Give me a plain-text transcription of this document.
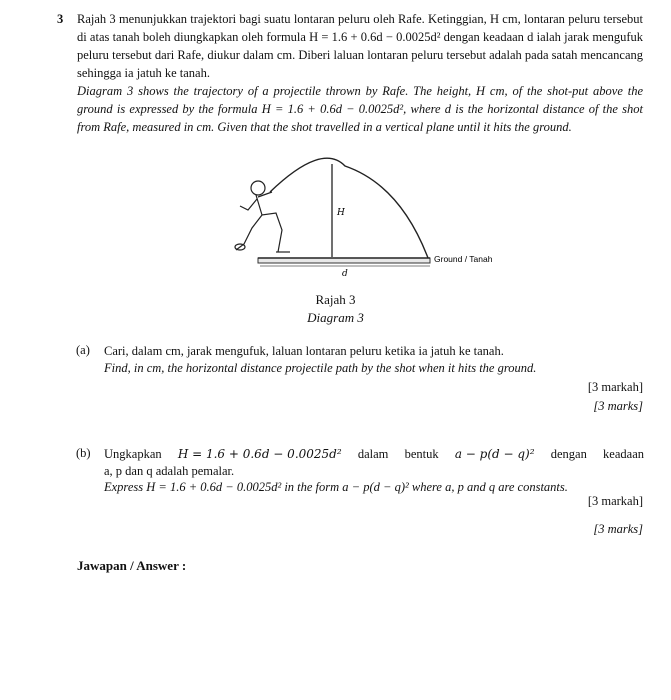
3 Rajah 3 menunjukkan trajektori bagi suatu lontaran peluru oleh Rafe. Ketinggian, H cm, lontaran peluru tersebut di atas tanah boleh diungkapkan oleh formula H = 1.6 + 0.6d − 0.0025d² dengan keadaan d ialah jarak mengufuk peluru tersebut dari Rafe, diukur dalam cm. Diberi laluan lontaran peluru tersebut adalah pada satah mencancang sehingga ia jatuh ke tanah.
Diagram 3 shows the trajectory of a projectile thrown by Rafe. The height, H cm, of the shot-put above the ground is expressed by the formula H = 1.6 + 0.6d − 0.0025d², where d is the horizontal distance of the shot from Rafe, measured in cm. Given that the shot travelled in a vertical plane until it hits the ground.
H
d
Ground / Tanah
Rajah 3
Diagram 3
(a) Cari, dalam cm, jarak mengufuk, laluan lontaran peluru ketika ia jatuh ke tanah.
Find, in cm, the horizontal distance projectile path by the shot when it hits the ground.
[3 markah]
[3 marks]
(b) Ungkapkan H = 1.6 + 0.6d − 0.0025d² dalam bentuk a − p(d − q)² dengan keadaan
a, p dan q adalah pemalar.
Express H = 1.6 + 0.6d − 0.0025d² in the form a − p(d − q)² where a, p and q are constants.
[3 markah]
[3 marks]
Jawapan / Answer :
